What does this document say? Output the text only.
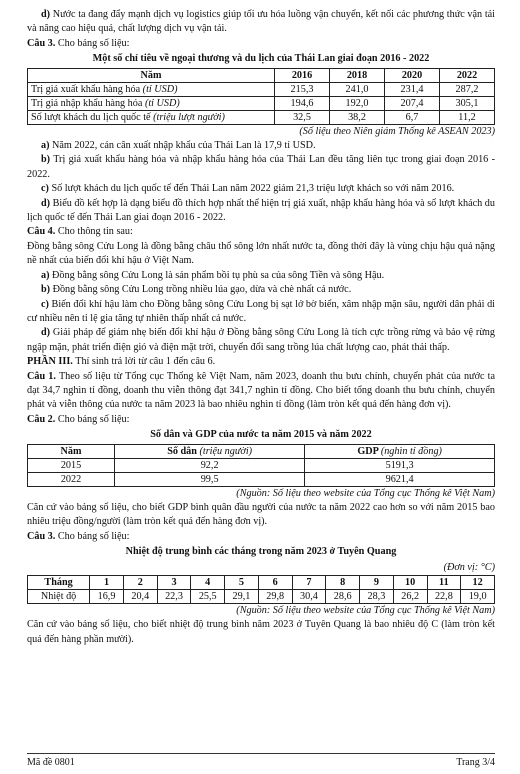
d) Nước ta đang đẩy mạnh dịch vụ logistics giúp tối ưu hóa luồng vận chuyển, kết nối các phương thức vận tải và nâng cao hiệu quả, chất lượng dịch vụ vận tải.

Câu 3. Cho bảng số liệu:

Một số chỉ tiêu về ngoại thương và du lịch của Thái Lan giai đoạn 2016 - 2022

Năm	2016	2018	2020	2022
Trị giá xuất khẩu hàng hóa (tỉ USD)	215,3	241,0	231,4	287,2
Trị giá nhập khẩu hàng hóa (tỉ USD)	194,6	192,0	207,4	305,1
Số lượt khách du lịch quốc tế (triệu lượt người)	32,5	38,2	6,7	11,2

(Số liệu theo Niên giám Thống kê ASEAN 2023)

a) Năm 2022, cán cân xuất nhập khẩu của Thái Lan là 17,9 tỉ USD.

b) Trị giá xuất khẩu hàng hóa và nhập khẩu hàng hóa của Thái Lan đều tăng liên tục trong giai đoạn 2016 - 2022.

c) Số lượt khách du lịch quốc tế đến Thái Lan năm 2022 giảm 21,3 triệu lượt khách so với năm 2016.

d) Biểu đồ kết hợp là dạng biểu đồ thích hợp nhất thể hiện trị giá xuất, nhập khẩu hàng hóa và số lượt khách du lịch quốc tế đến Thái Lan giai đoạn 2016 - 2022.

Câu 4. Cho thông tin sau:

Đồng bằng sông Cửu Long là đồng bằng châu thổ sông lớn nhất nước ta, đồng thời đây là vùng chịu hậu quả nặng nề nhất của biến đổi khí hậu ở Việt Nam.

a) Đồng bằng sông Cửu Long là sản phẩm bồi tụ phù sa của sông Tiền và sông Hậu.

b) Đồng bằng sông Cửu Long trồng nhiều lúa gạo, dừa và chè nhất cả nước.

c) Biến đổi khí hậu làm cho Đồng bằng sông Cửu Long bị sạt lở bờ biển, xâm nhập mặn sâu, người dân phải di cư nhiều nên tỉ lệ gia tăng tự nhiên thấp nhất cả nước.

d) Giải pháp để giảm nhẹ biến đổi khí hậu ở Đồng bằng sông Cửu Long là tích cực trồng rừng và bảo vệ rừng ngập mặn, phát triển điện gió và điện mặt trời, chuyển đổi sang trồng lúa chất lượng cao, phát thải thấp.

PHẦN III. Thí sinh trả lời từ câu 1 đến câu 6.

Câu 1. Theo số liệu từ Tổng cục Thống kê Việt Nam, năm 2023, doanh thu bưu chính, chuyển phát của nước ta đạt 34,7 nghìn tỉ đồng, doanh thu viễn thông đạt 341,7 nghìn tỉ đồng. Cho biết tổng doanh thu bưu chính, chuyển phát và viễn thông của nước ta năm 2023 là bao nhiêu nghìn tỉ đồng (làm tròn kết quả đến hàng đơn vị).

Câu 2. Cho bảng số liệu:

Số dân và GDP của nước ta năm 2015 và năm 2022

Năm	Số dân (triệu người)	GDP (nghìn tỉ đồng)
2015	92,2	5191,3
2022	99,5	9621,4

(Nguồn: Số liệu theo website của Tổng cục Thống kê Việt Nam)

Căn cứ vào bảng số liệu, cho biết GDP bình quân đầu người của nước ta năm 2022 cao hơn so với năm 2015 bao nhiêu triệu đồng/người (làm tròn kết quả đến hàng đơn vị).

Câu 3. Cho bảng số liệu:

Nhiệt độ trung bình các tháng trong năm 2023 ở Tuyên Quang

(Đơn vị: °C)

Tháng	1	2	3	4	5	6	7	8	9	10	11	12
Nhiệt độ	16,9	20,4	22,3	25,5	29,1	29,8	30,4	28,6	28,3	26,2	22,8	19,0

(Nguồn: Số liệu theo website của Tổng cục Thống kê Việt Nam)

Căn cứ vào bảng số liệu, cho biết nhiệt độ trung bình năm 2023 ở Tuyên Quang là bao nhiêu độ C (làm tròn kết quả đến hàng phần mười).

Mã đề 0801	Trang 3/4
